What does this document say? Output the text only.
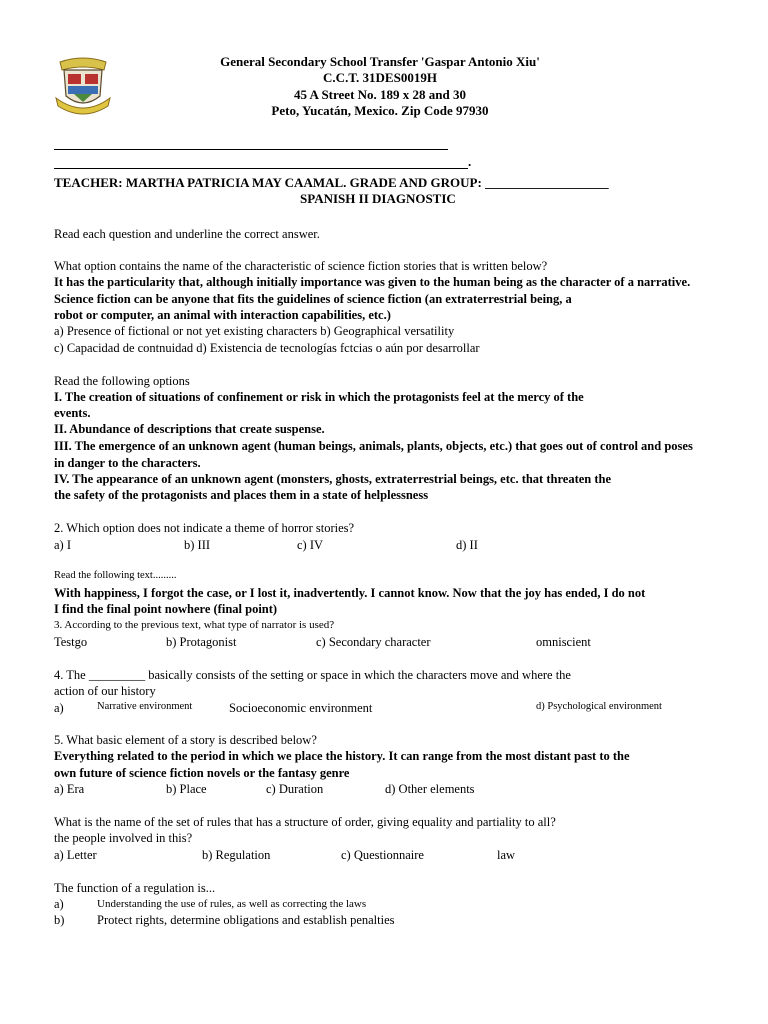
General Secondary School Transfer 'Gaspar Antonio Xiu'
C.C.T. 31DES0019H
45 A Street No. 189 x 28 and 30
Peto, Yucatán, Mexico. Zip Code 97930
.
TEACHER: MARTHA PATRICIA MAY CAAMAL. GRADE AND GROUP: ___________________
SPANISH II DIAGNOSTIC
Read each question and underline the correct answer.
What option contains the name of the characteristic of science fiction stories that is written below?
It has the particularity that, although initially importance was given to the human being as the character of a narrative.
Science fiction can be anyone that fits the guidelines of science fiction (an extraterrestrial being, a
robot or computer, an animal with interaction capabilities, etc.)
a) Presence of fictional or not yet existing characters b) Geographical versatility
c) Capacidad de contnuidad d) Existencia de tecnologías fctcias o aún por desarrollar
Read the following options
I. The creation of situations of confinement or risk in which the protagonists feel at the mercy of the
events.
II. Abundance of descriptions that create suspense.
III. The emergence of an unknown agent (human beings, animals, plants, objects, etc.) that goes out of control and poses
in danger to the characters.
IV. The appearance of an unknown agent (monsters, ghosts, extraterrestrial beings, etc. that threaten the
the safety of the protagonists and places them in a state of helplessness
2. Which option does not indicate a theme of horror stories?
a) I	b) III	c) IV	d) II
Read the following text.........
With happiness, I forgot the case, or I lost it, inadvertently. I cannot know. Now that the joy has ended, I do not
I find the final point nowhere (final point)
3. According to the previous text, what type of narrator is used?
Testgo	b) Protagonist	c) Secondary character	omniscient
4. The _________ basically consists of the setting or space in which the characters move and where the
action of our history
a)	Narrative environment	Socioeconomic environment	d) Psychological environment
5. What basic element of a story is described below?
Everything related to the period in which we place the history. It can range from the most distant past to the
own future of science fiction novels or the fantasy genre
a) Era	b) Place	c) Duration	d) Other elements
What is the name of the set of rules that has a structure of order, giving equality and partiality to all?
the people involved in this?
a) Letter	b) Regulation	c) Questionnaire	law
The function of a regulation is...
a)	Understanding the use of rules, as well as correcting the laws
b)	Protect rights, determine obligations and establish penalties
